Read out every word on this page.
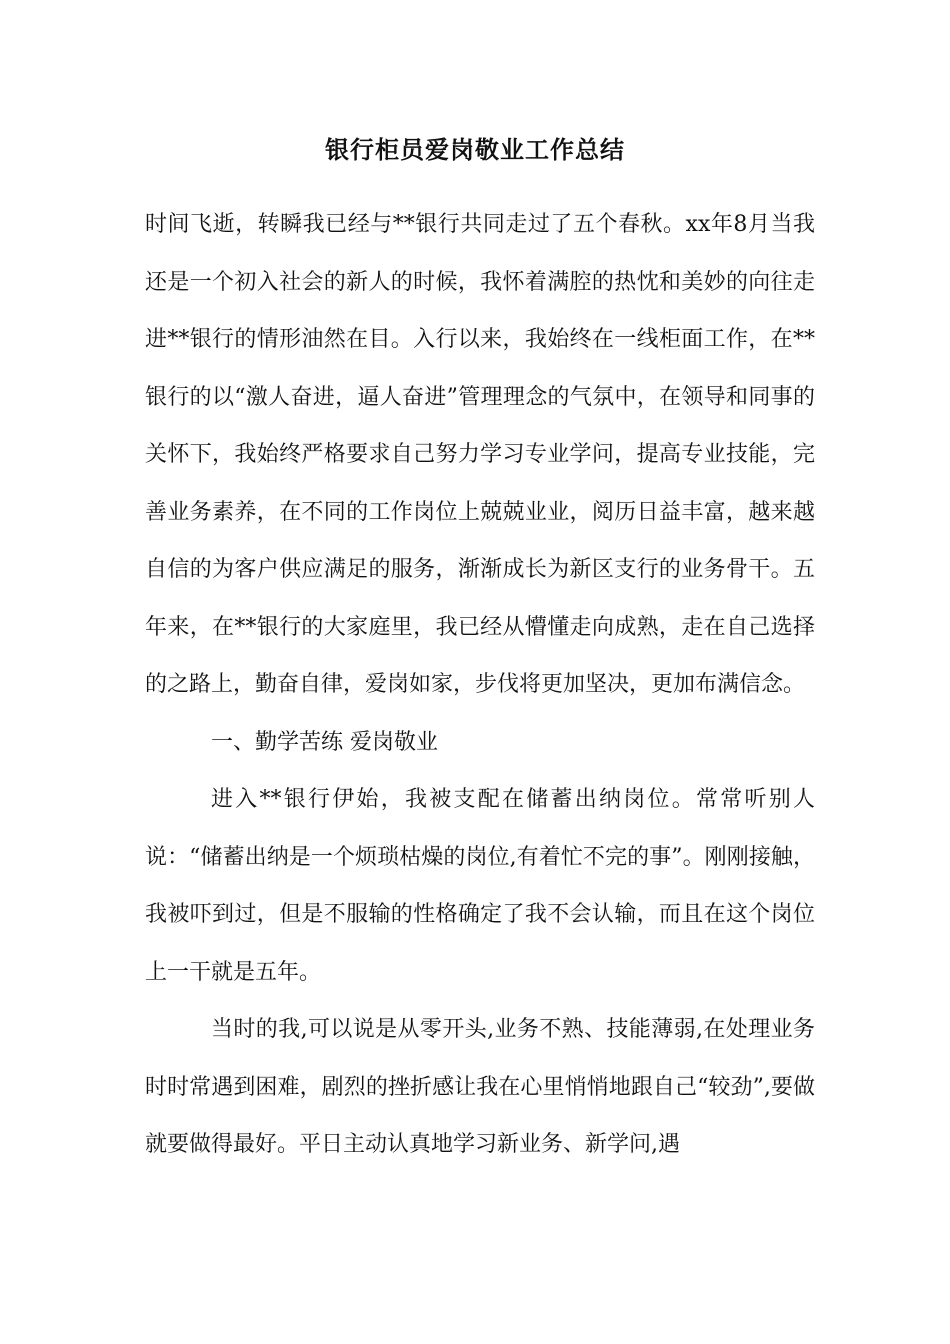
银行柜员爱岗敬业工作总结

时间飞逝，转瞬我已经与**银行共同走过了五个春秋。xx年8月当我还是一个初入社会的新人的时候，我怀着满腔的热忱和美妙的向往走进**银行的情形油然在目。入行以来，我始终在一线柜面工作，在**银行的以“激人奋进，逼人奋进”管理理念的气氛中，在领导和同事的关怀下，我始终严格要求自己努力学习专业学问，提高专业技能，完善业务素养，在不同的工作岗位上兢兢业业，阅历日益丰富，越来越自信的为客户供应满足的服务，渐渐成长为新区支行的业务骨干。五年来，在**银行的大家庭里，我已经从懵懂走向成熟，走在自己选择的之路上，勤奋自律，爱岗如家，步伐将更加坚决，更加布满信念。

一、勤学苦练 爱岗敬业

进入**银行伊始，我被支配在储蓄出纳岗位。常常听别人说：“储蓄出纳是一个烦琐枯燥的岗位,有着忙不完的事”。刚刚接触，我被吓到过，但是不服输的性格确定了我不会认输，而且在这个岗位上一干就是五年。

当时的我,可以说是从零开头,业务不熟、技能薄弱,在处理业务时时常遇到困难，剧烈的挫折感让我在心里悄悄地跟自己“较劲”,要做就要做得最好。平日主动认真地学习新业务、新学问,遇
